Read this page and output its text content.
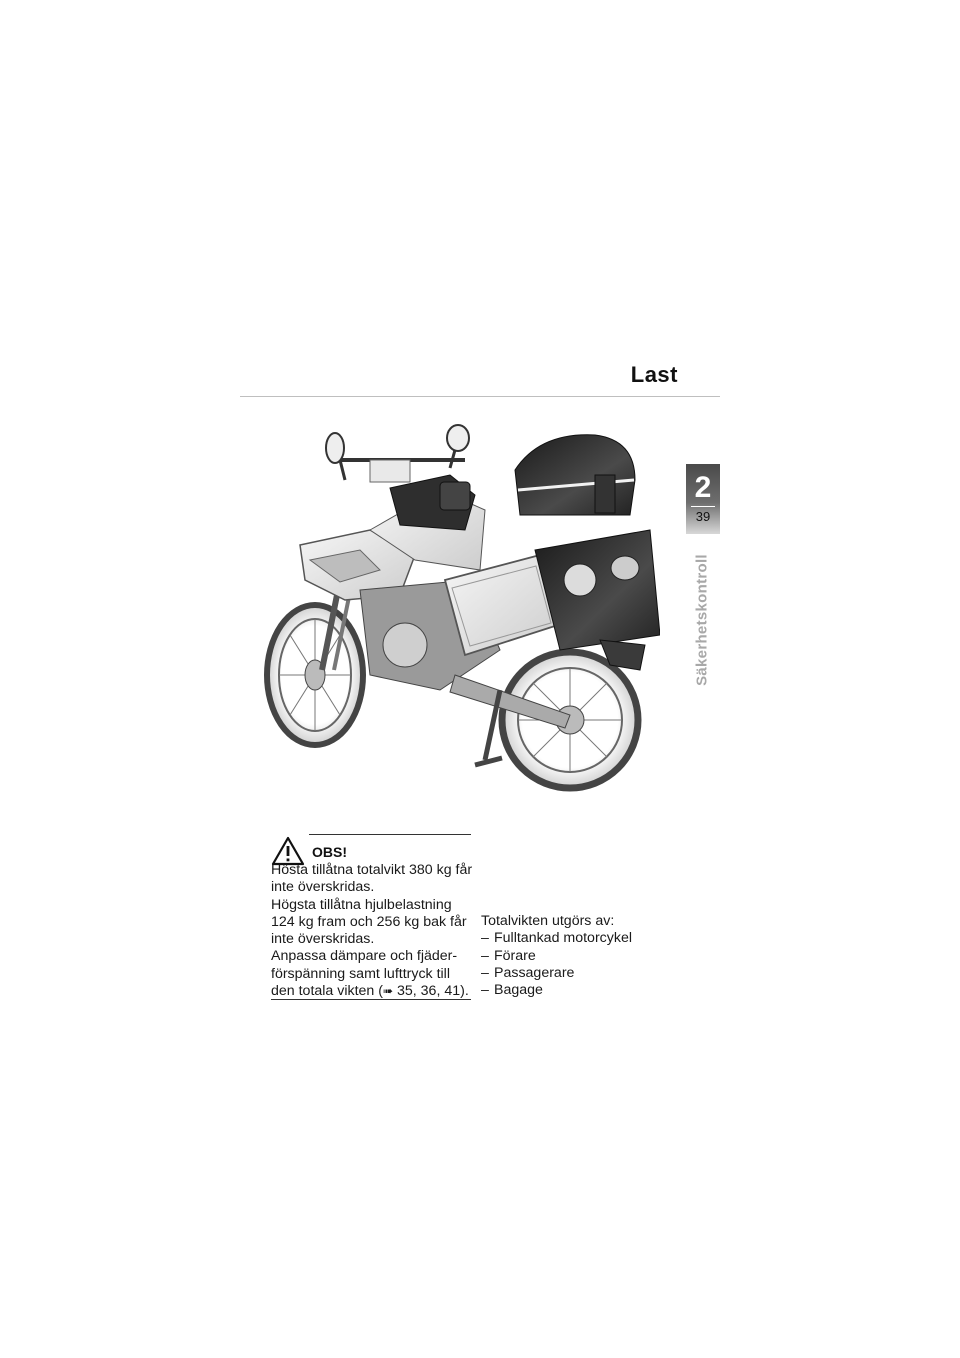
Last
2
39
Säkerhetskontroll
OBS!

Hösta tillåtna totalvikt 380 kg får

inte överskridas.

Högsta tillåtna hjulbelastning

124 kg fram och 256 kg bak får

inte överskridas.

Anpassa dämpare och fjäder-

förspänning samt lufttryck till

den totala vikten (➠ 35, 36, 41).

Totalvikten utgörs av:

– Fulltankad motorcykel
– Förare
– Passagerare
– Bagage
